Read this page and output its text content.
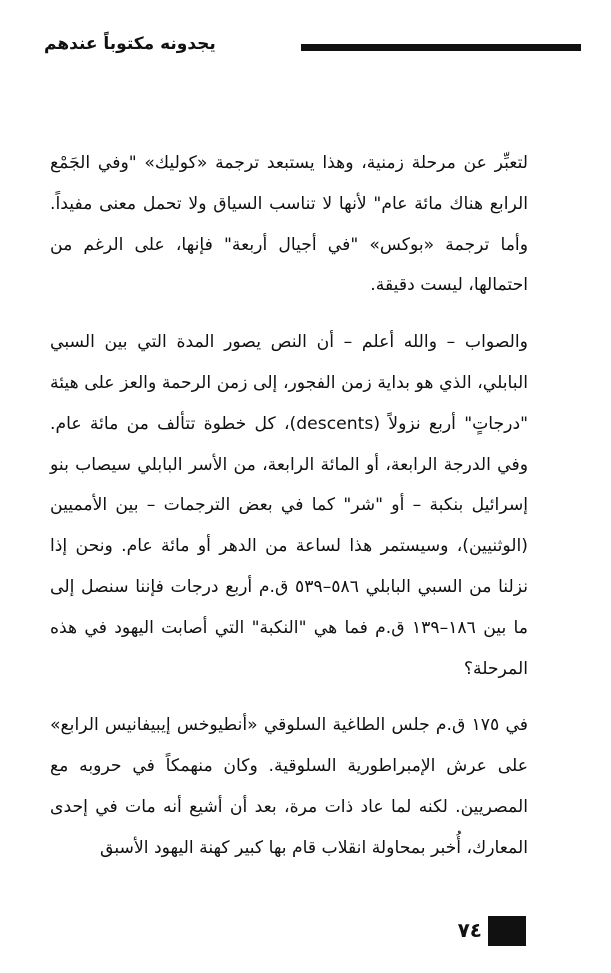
يجدونه مكتوباً عندهم

لتعبِّر عن مرحلة زمنية، وهذا يستبعد ترجمة «كوليك» "وفي الجَمْع الرابع هناك مائة عام" لأنها لا تناسب السياق ولا تحمل معنى مفيداً. وأما ترجمة «بوكس» "في أجيال أربعة" فإنها، على الرغم من احتمالها، ليست دقيقة.

والصواب – والله أعلم – أن النص يصور المدة التي بين السبي البابلي، الذي هو بداية زمن الفجور، إلى زمن الرحمة والعز على هيئة "درجاتٍ" أربع نزولاً (descents)، كل خطوة تتألف من مائة عام. وفي الدرجة الرابعة، أو المائة الرابعة، من الأسر البابلي سيصاب بنو إسرائيل بنكبة – أو "شر" كما في بعض الترجمات – بين الأمميين (الوثنيين)، وسيستمر هذا لساعة من الدهر أو مائة عام. ونحن إذا نزلنا من السبي البابلي ٥٨٦–٥٣٩ ق.م أربع درجات فإننا سنصل إلى ما بين ١٨٦–١٣٩ ق.م فما هي "النكبة" التي أصابت اليهود في هذه المرحلة؟

في ١٧٥ ق.م جلس الطاغية السلوقي «أنطيوخس إيبيفانيس الرابع» على عرش الإمبراطورية السلوقية. وكان منهمكاً في حروبه مع المصريين. لكنه لما عاد ذات مرة، بعد أن أشيع أنه مات في إحدى المعارك، أُخبر بمحاولة انقلاب قام بها كبير كهنة اليهود الأسبق

٧٤
